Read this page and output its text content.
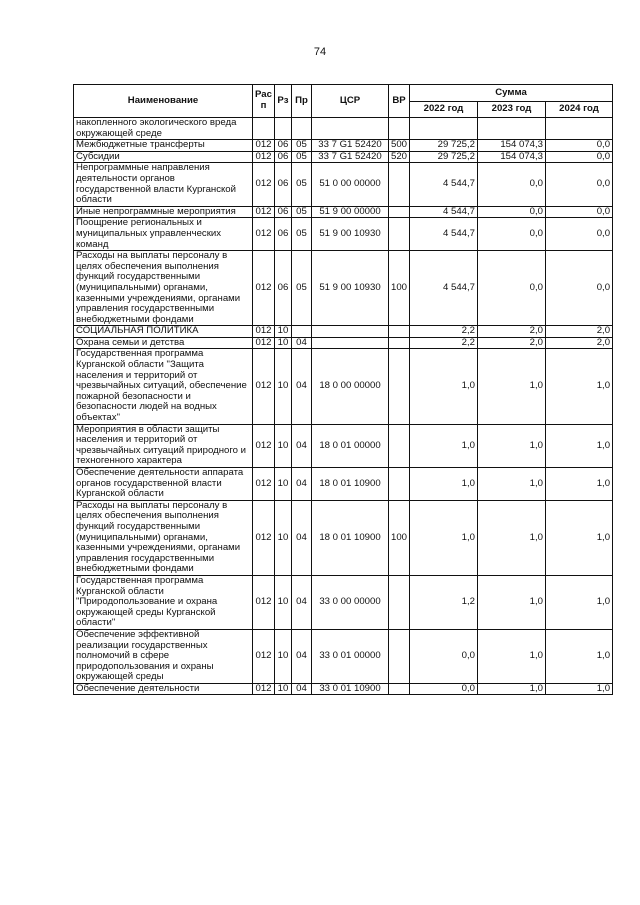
74
Наименование	Рас п	Рз	Пр	ЦСР	ВР	Сумма		
						2022 год	2023 год	2024 год
накопленного экологического вреда окружающей среде								
Межбюджетные трансферты	012	06	05	33 7 G1 52420	500	29 725,2	154 074,3	0,0
Субсидии	012	06	05	33 7 G1 52420	520	29 725,2	154 074,3	0,0
Непрограммные направления деятельности органов государственной власти Курганской области	012	06	05	51 0 00 00000		4 544,7	0,0	0,0
Иные непрограммные мероприятия	012	06	05	51 9 00 00000		4 544,7	0,0	0,0
Поощрение региональных и муниципальных управленческих команд	012	06	05	51 9 00 10930		4 544,7	0,0	0,0
Расходы на выплаты персоналу в целях обеспечения выполнения функций государственными (муниципальными) органами, казенными учреждениями, органами управления государственными внебюджетными фондами	012	06	05	51 9 00 10930	100	4 544,7	0,0	0,0
СОЦИАЛЬНАЯ ПОЛИТИКА	012	10				2,2	2,0	2,0
Охрана семьи и детства	012	10	04			2,2	2,0	2,0
Государственная программа Курганской области "Защита населения и территорий от чрезвычайных ситуаций, обеспечение пожарной безопасности и безопасности людей на водных объектах"	012	10	04	18 0 00 00000		1,0	1,0	1,0
Мероприятия в области защиты населения и территорий от чрезвычайных ситуаций природного и техногенного характера	012	10	04	18 0 01 00000		1,0	1,0	1,0
Обеспечение деятельности аппарата органов государственной власти Курганской области	012	10	04	18 0 01 10900		1,0	1,0	1,0
Расходы на выплаты персоналу в целях обеспечения выполнения функций государственными (муниципальными) органами, казенными учреждениями, органами управления государственными внебюджетными фондами	012	10	04	18 0 01 10900	100	1,0	1,0	1,0
Государственная программа Курганской области "Природопользование и охрана окружающей среды Курганской области"	012	10	04	33 0 00 00000		1,2	1,0	1,0
Обеспечение эффективной реализации государственных полномочий в сфере природопользования и охраны окружающей среды	012	10	04	33 0 01 00000		0,0	1,0	1,0
Обеспечение деятельности	012	10	04	33 0 01 10900		0,0	1,0	1,0
